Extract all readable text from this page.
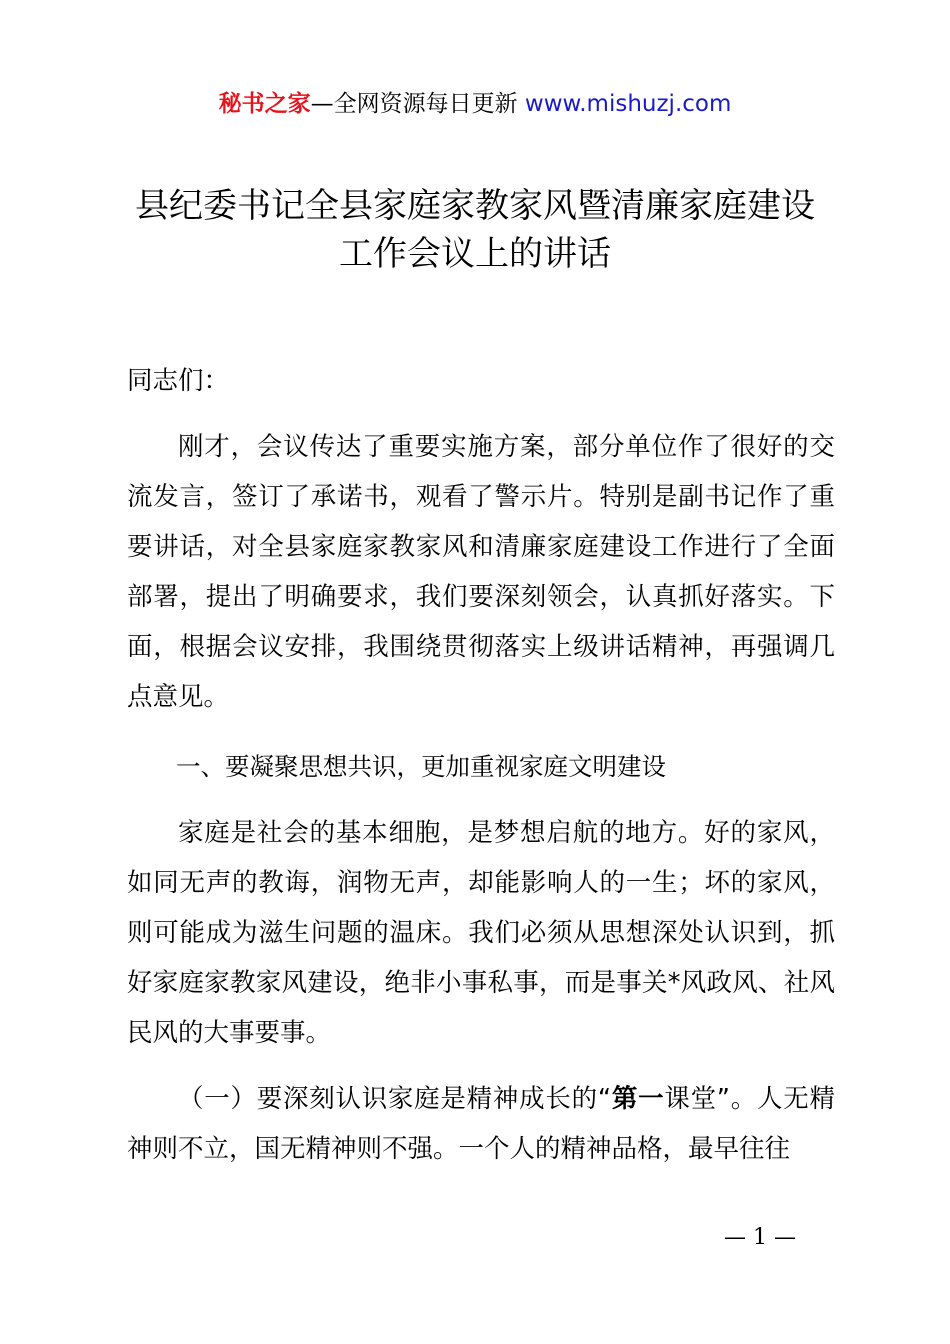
秘书之家—全网资源每日更新 www.mishuzj.com
县纪委书记全县家庭家教家风暨清廉家庭建设
工作会议上的讲话

同志们：

刚才，会议传达了重要实施方案，部分单位作了很好的交流发言，签订了承诺书，观看了警示片。特别是副书记作了重要讲话，对全县家庭家教家风和清廉家庭建设工作进行了全面部署，提出了明确要求，我们要深刻领会，认真抓好落实。下面，根据会议安排，我围绕贯彻落实上级讲话精神，再强调几点意见。

一、要凝聚思想共识，更加重视家庭文明建设

家庭是社会的基本细胞，是梦想启航的地方。好的家风，如同无声的教诲，润物无声，却能影响人的一生；坏的家风，则可能成为滋生问题的温床。我们必须从思想深处认识到，抓好家庭家教家风建设，绝非小事私事，而是事关*风政风、社风民风的大事要事。

（一）要深刻认识家庭是精神成长的“第一课堂”。人无精神则不立，国无精神则不强。一个人的精神品格，最早往往

— 1 —
